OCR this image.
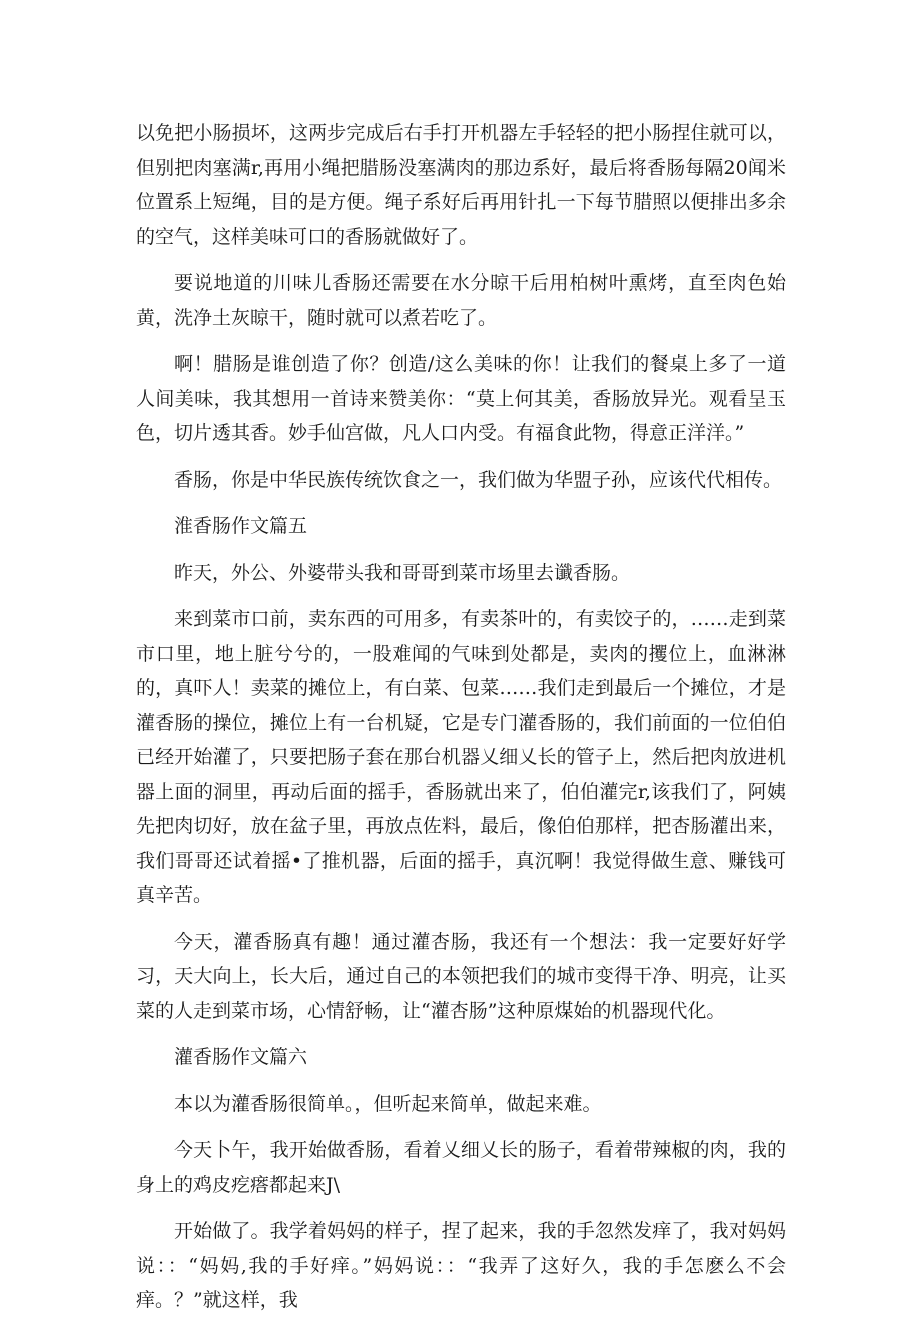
以免把小肠损坏，这两步完成后右手打开机器左手轻轻的把小肠捏住就可以，但别把肉塞满r,再用小绳把腊肠没塞满肉的那边系好，最后将香肠每隔20闻米位置系上短绳，目的是方便。绳子系好后再用针扎一下每节腊照以便排出多余的空气，这样美味可口的香肠就做好了。

要说地道的川味儿香肠还需要在水分晾干后用柏树叶熏烤，直至肉色始黄，洗净土灰晾干，随时就可以煮若吃了。

啊！腊肠是谁创造了你？创造/这么美味的你！让我们的餐桌上多了一道人间美味，我其想用一首诗来赞美你：“莫上何其美，香肠放异光。观看呈玉色，切片透其香。妙手仙宫做，凡人口内受。有福食此物，得意正洋洋。”

香肠，你是中华民族传统饮食之一，我们做为华盟子孙，应该代代相传。

淮香肠作文篇五

昨天，外公、外婆带头我和哥哥到菜市场里去谶香肠。

来到菜市口前，卖东西的可用多，有卖茶叶的，有卖饺子的，……走到菜市口里，地上脏兮兮的，一股难闻的气味到处都是，卖肉的攫位上，血淋淋的，真吓人！卖菜的摊位上，有白菜、包菜……我们走到最后一个摊位，才是灌香肠的操位，摊位上有一台机疑，它是专门灌香肠的，我们前面的一位伯伯已经开始灌了，只要把肠子套在那台机器乂细乂长的管子上，然后把肉放进机器上面的洞里，再动后面的摇手，香肠就出来了，伯伯灌完r,该我们了，阿姨先把肉切好，放在盆子里，再放点佐料，最后，像伯伯那样，把杏肠灌出来，我们哥哥还试着摇•了推机器，后面的摇手，真沉啊！我觉得做生意、赚钱可真辛苦。

今天，灌香肠真有趣！通过灌杏肠，我还有一个想法：我一定要好好学习，天大向上，长大后，通过自己的本领把我们的城市变得干净、明亮，让买菜的人走到菜市场，心情舒畅，让“灌杏肠”这种原煤始的机器现代化。

灌香肠作文篇六

本以为灌香肠很简单。，但听起来简单，做起来难。

今天卜午，我开始做香肠，看着乂细乂长的肠子，看着带辣椒的肉，我的身上的鸡皮疙瘩都起来J\

开始做了。我学着妈妈的样子，捏了起来，我的手忽然发痒了，我对妈妈说：：“妈妈,我的手好痒。”妈妈说：：“我弄了这好久，我的手怎麽么不会痒。？”就这样，我
